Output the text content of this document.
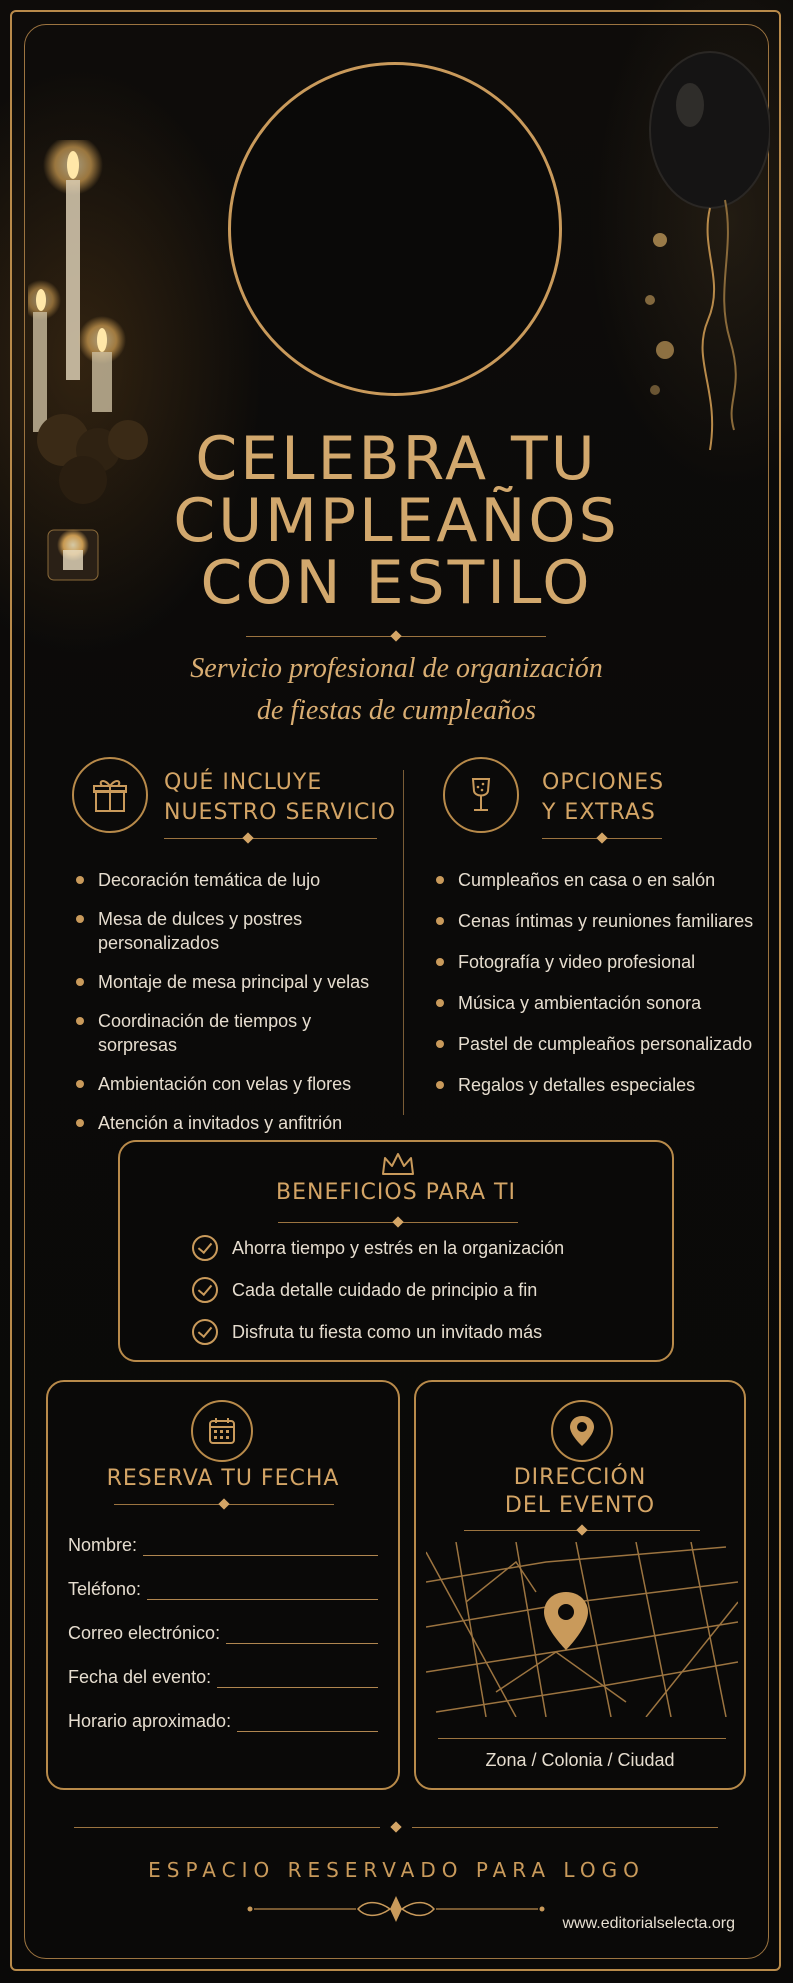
CELEBRA TU
CUMPLEAÑOS
CON ESTILO
Servicio profesional de organización
de fiestas de cumpleaños
QUÉ INCLUYE
NUESTRO SERVICIO
Decoración temática de lujo
Mesa de dulces y postres personalizados
Montaje de mesa principal y velas
Coordinación de tiempos y sorpresas
Ambientación con velas y flores
Atención a invitados y anfitrión
OPCIONES
Y EXTRAS
Cumpleaños en casa o en salón
Cenas íntimas y reuniones familiares
Fotografía y video profesional
Música y ambientación sonora
Pastel de cumpleaños personalizado
Regalos y detalles especiales
BENEFICIOS PARA TI
Ahorra tiempo y estrés en la organización
Cada detalle cuidado de principio a fin
Disfruta tu fiesta como un invitado más
RESERVA TU FECHA
Nombre:
Teléfono:
Correo electrónico:
Fecha del evento:
Horario aproximado:
DIRECCIÓN
DEL EVENTO
Zona / Colonia / Ciudad
ESPACIO RESERVADO PARA LOGO
www.editorialselecta.org
